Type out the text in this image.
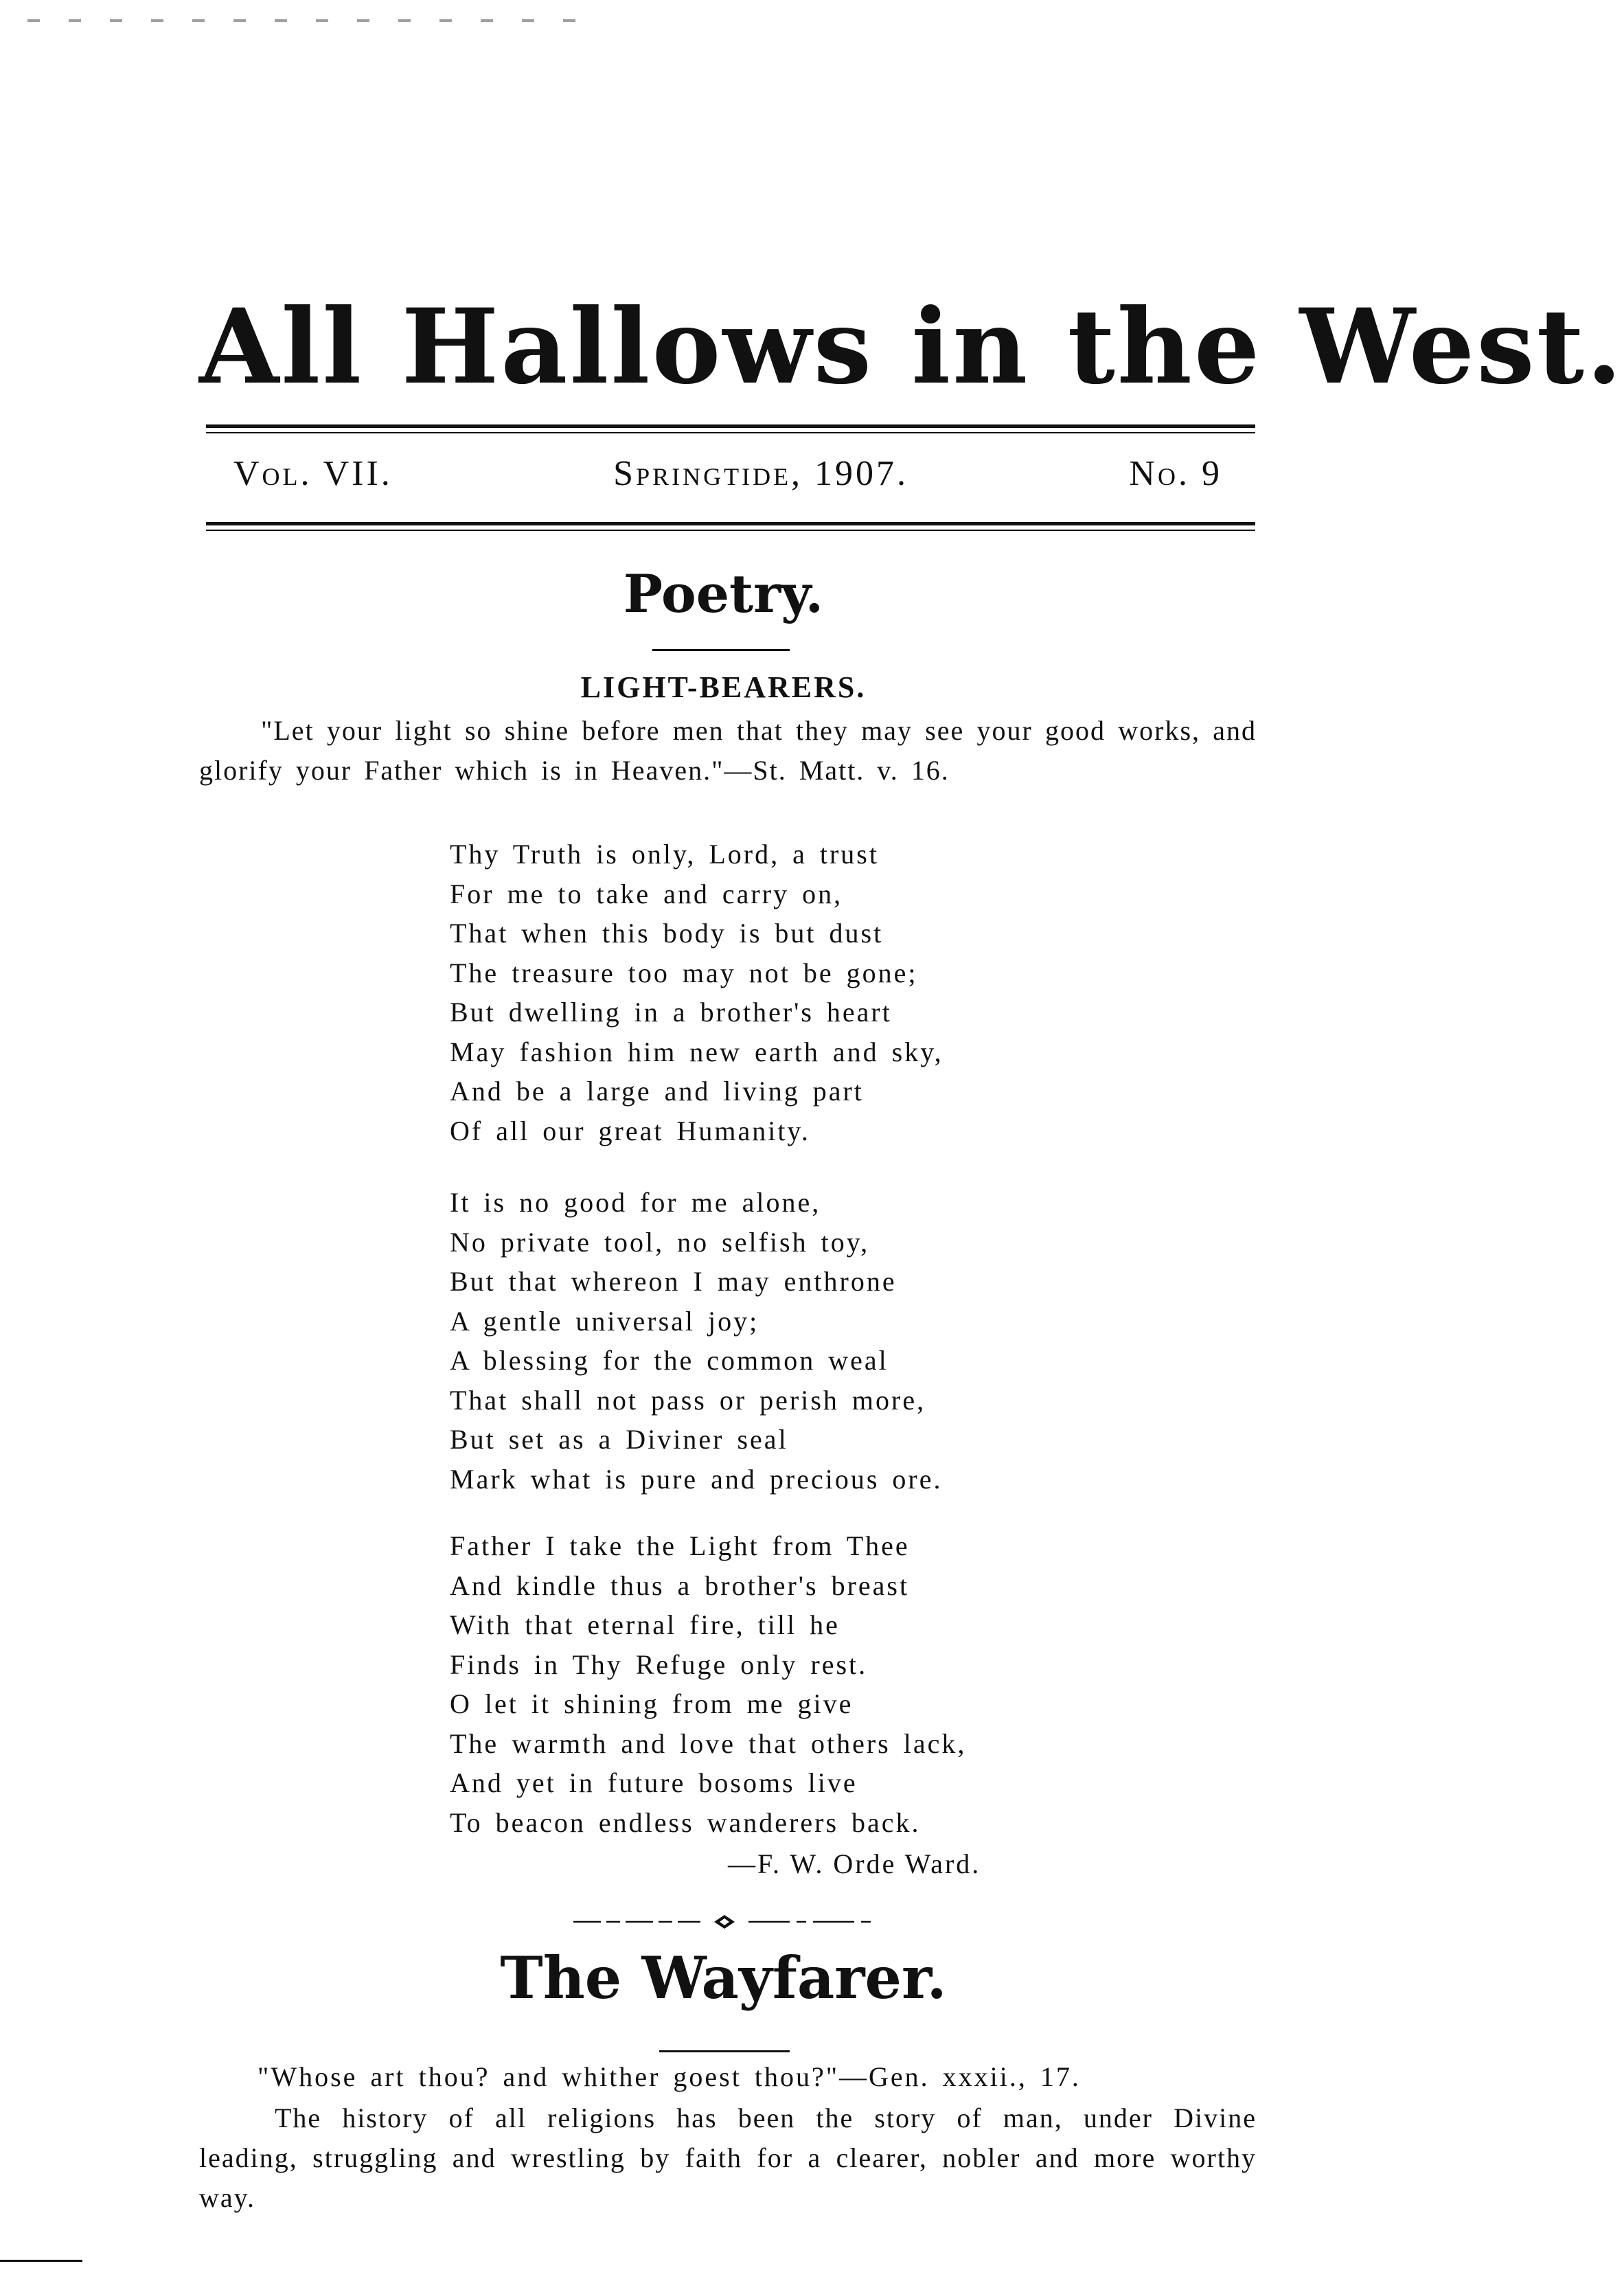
All Hallows in the West.
Vol. VII.	Springtide, 1907.	No. 9
Poetry.
LIGHT-BEARERS.
"Let your light so shine before men that they may see your good works, and glorify your Father which is in Heaven."—St. Matt. v. 16.
Thy Truth is only, Lord, a trust
For me to take and carry on,
That when this body is but dust
The treasure too may not be gone;
But dwelling in a brother's heart
May fashion him new earth and sky,
And be a large and living part
Of all our great Humanity.
It is no good for me alone,
No private tool, no selfish toy,
But that whereon I may enthrone
A gentle universal joy;
A blessing for the common weal
That shall not pass or perish more,
But set as a Diviner seal
Mark what is pure and precious ore.
Father I take the Light from Thee
And kindle thus a brother's breast
With that eternal fire, till he
Finds in Thy Refuge only rest.
O let it shining from me give
The warmth and love that others lack,
And yet in future bosoms live
To beacon endless wanderers back.
—F. W. Orde Ward.
The Wayfarer.
"Whose art thou? and whither goest thou?"—Gen. xxxii., 17.
The history of all religions has been the story of man, under Divine leading, struggling and wrestling by faith for a clearer, nobler and more worthy way.
